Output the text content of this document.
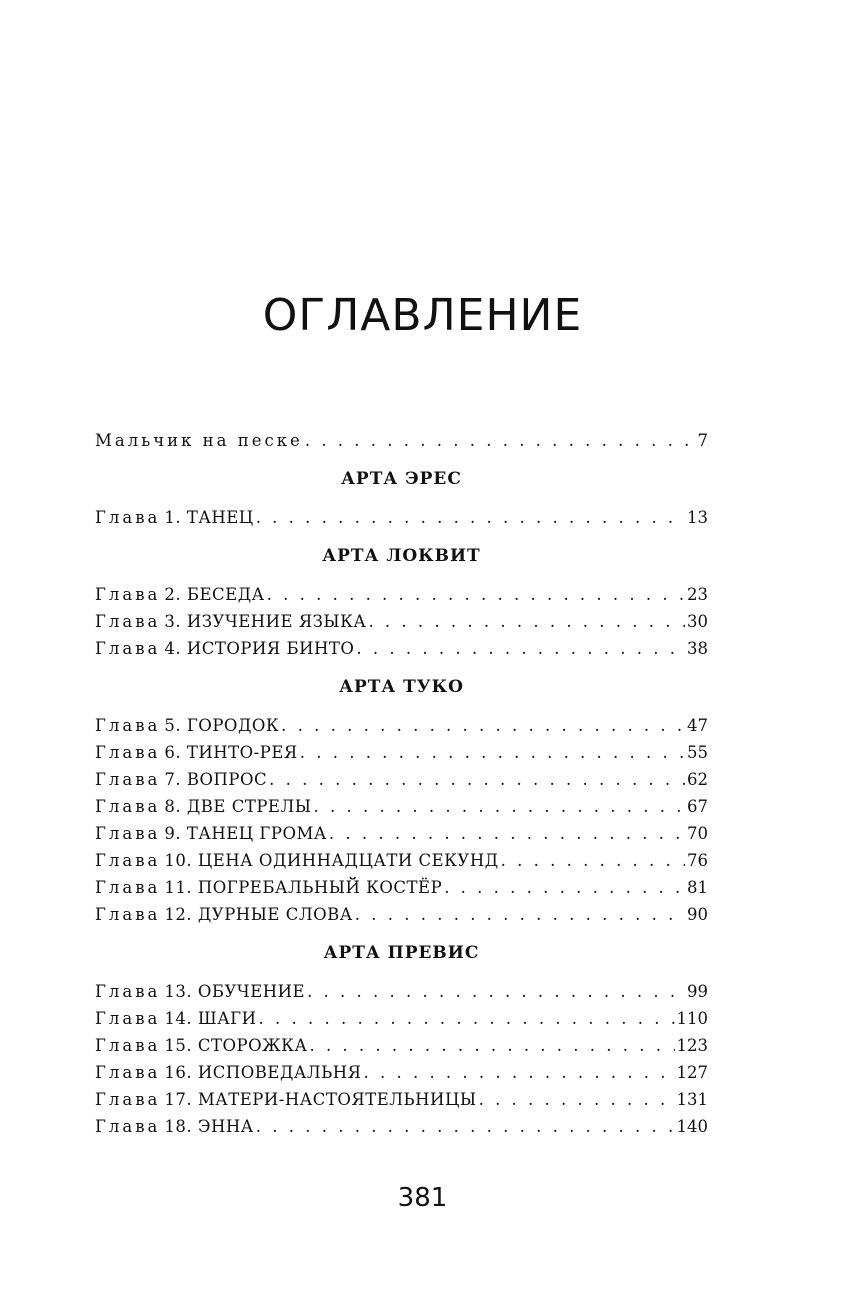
ОГЛАВЛЕНИЕ
Мальчик на песке . . .	7
АРТА ЭРЕС
Глава 1. ТАНЕЦ . . .	13
АРТА ЛОКВИТ
Глава 2. БЕСЕДА . . .	23
Глава 3. ИЗУЧЕНИЕ ЯЗЫКА . . .	30
Глава 4. ИСТОРИЯ БИНТО . . .	38
АРТА ТУКО
Глава 5. ГОРОДОК . . .	47
Глава 6. ТИНТО-РЕЯ . . .	55
Глава 7. ВОПРОС . . .	62
Глава 8. ДВЕ СТРЕЛЫ . . .	67
Глава 9. ТАНЕЦ ГРОМА . . .	70
Глава 10. ЦЕНА ОДИННАДЦАТИ СЕКУНД . . .	76
Глава 11. ПОГРЕБАЛЬНЫЙ КОСТЁР . . .	81
Глава 12. ДУРНЫЕ СЛОВА . . .	90
АРТА ПРЕВИС
Глава 13. ОБУЧЕНИЕ . . .	99
Глава 14. ШАГИ . . .	110
Глава 15. СТОРОЖКА . . .	123
Глава 16. ИСПОВЕДАЛЬНЯ . . .	127
Глава 17. МАТЕРИ-НАСТОЯТЕЛЬНИЦЫ . . .	131
Глава 18. ЭННА . . .	140
381
